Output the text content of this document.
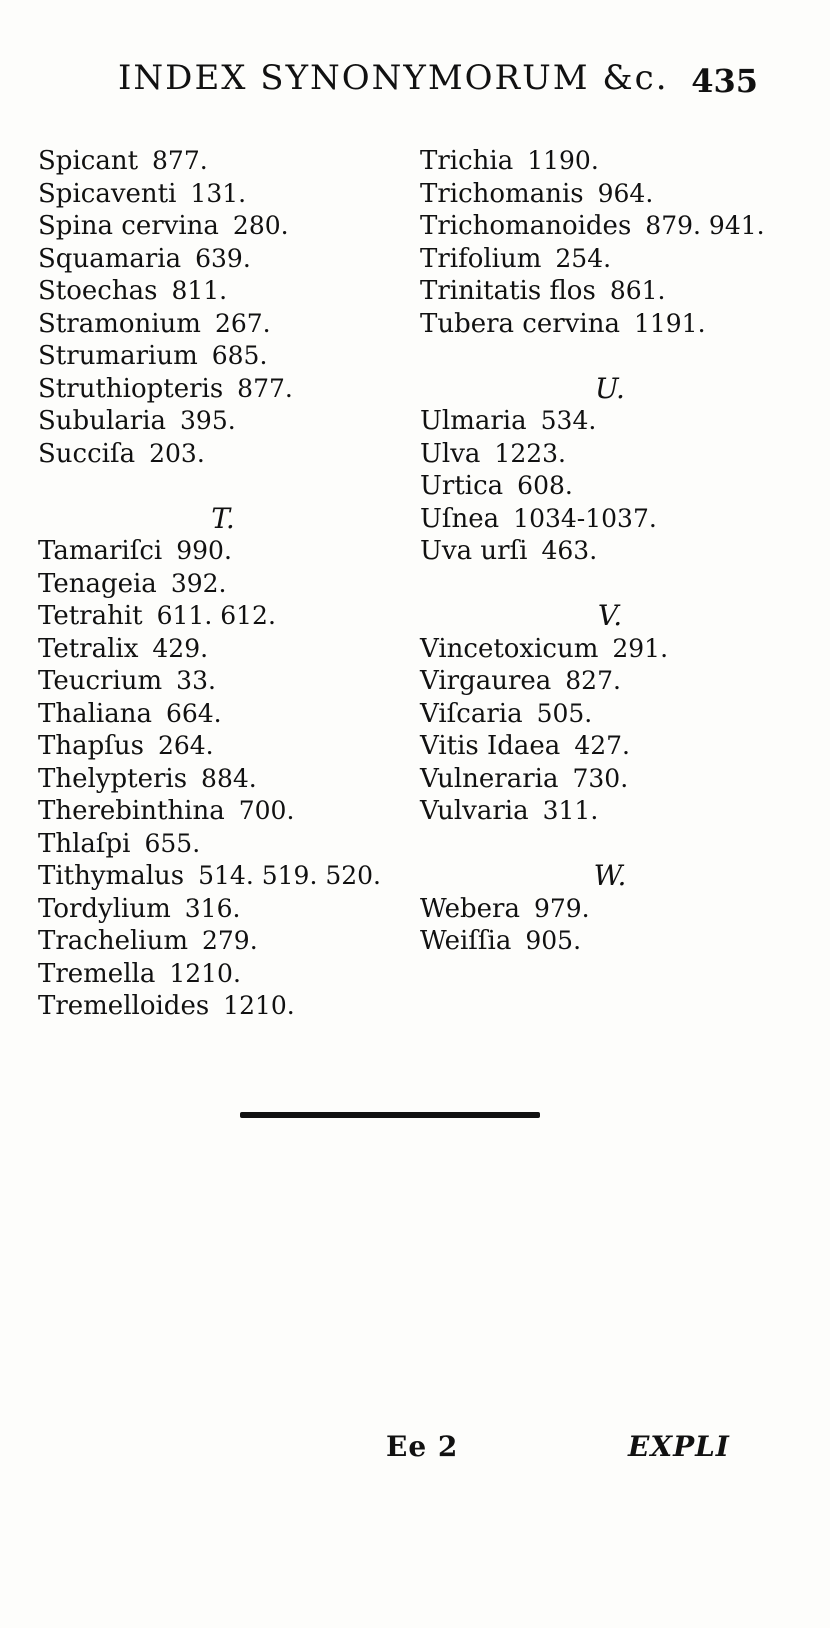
INDEX SYNONYMORUM &c. 435
Spicant 877.
Spicaventi 131.
Spina cervina 280.
Squamaria 639.
Stoechas 811.
Stramonium 267.
Strumarium 685.
Struthiopteris 877.
Subularia 395.
Succiſa 203.
T.
Tamariſci 990.
Tenageia 392.
Tetrahit 611. 612.
Tetralix 429.
Teucrium 33.
Thaliana 664.
Thapſus 264.
Thelypteris 884.
Therebinthina 700.
Thlaſpi 655.
Tithymalus 514. 519. 520.
Tordylium 316.
Trachelium 279.
Tremella 1210.
Tremelloides 1210.
Trichia 1190.
Trichomanis 964.
Trichomanoides 879. 941.
Trifolium 254.
Trinitatis flos 861.
Tubera cervina 1191.
U.
Ulmaria 534.
Ulva 1223.
Urtica 608.
Uſnea 1034-1037.
Uva urſi 463.
V.
Vincetoxicum 291.
Virgaurea 827.
Viſcaria 505.
Vitis Idaea 427.
Vulneraria 730.
Vulvaria 311.
W.
Webera 979.
Weiſſia 905.
Ee 2	EXPLI
